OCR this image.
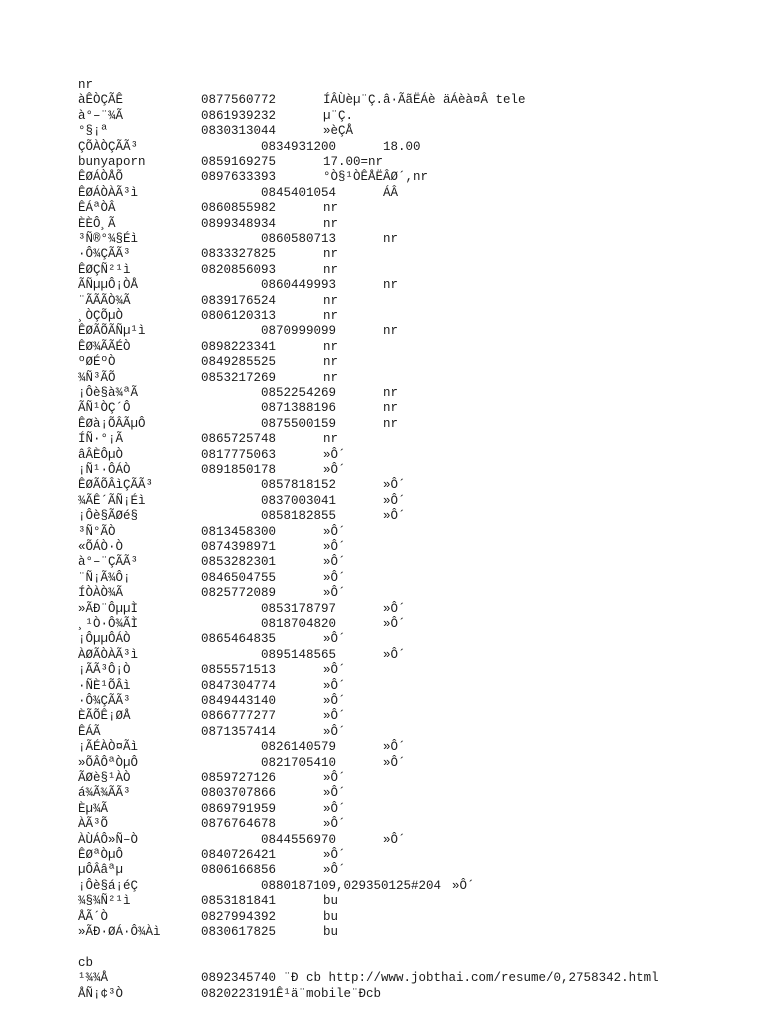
nr
àÊÒÇÃÊ	0877560772	ÍÂÙèµ¨Ç.â·ÃãËÁè äÁèà¤Â tele
à°–¨¾Ã	0861939232	µ¨Ç.
°§¡ª	0830313044	»èÇÅ
ÇÕÀÒÇÃÃ³	0834931200	18.00
bunyaporn	0859169275	17.00=nr
ÊØÁÒÅÕ	0897633393	°Ò§¹ÒÊÅËÂØ´,nr
ÊØÁÒÀÃ³ì	0845401054	ÁÂ
ÊÁªÒÂ	0860855982	nr
ÈÈÔ¸Ã	0899348934	nr
³Ñ®°¾§Éì	0860580713	nr
·Ô¾ÇÃÃ³	0833327825	nr
ÊØÇÑ²¹ì	0820856093	nr
ÃÑµµÔ¡ÒÅ	0860449993	nr
¨ÃÃÃÒ¾Ã	0839176524	nr
¸ÒÇÕµÒ	0806120313	nr
ÊØÃÕÃÑµ¹ì	0870999099	nr
ÊØ¾ÃÃÉÒ	0898223341	nr
ºØÉºÒ	0849285525	nr
¾Ñ³ÃÕ	0853217269	nr
¡Ôè§à¾ªÃ	0852254269	nr
ÃÑ¹ÒÇ´Ô	0871388196	nr
ÊØà¡ÕÂÃµÔ	0875500159	nr
ÍÑ·°¡Ã	0865725748	nr
âÂÈÔµÒ	0817775063	»Ô´
¡Ñ¹·ÔÁÒ	0891850178	»Ô´
ÊØÃÕÂìÇÃÃ³	0857818152	»Ô´
¾ÃÊ´ÃÑ¡Éì	0837003041	»Ô´
¡Ôè§ÃØé§	0858182855	»Ô´
³Ñ°ÃÒ	0813458300	»Ô´
«ÕÁÒ·Ò	0874398971	»Ô´
à°–¨ÇÃÃ³	0853282301	»Ô´
¨Ñ¡Ã¾Ô¡	0846504755	»Ô´
ÍÒÀÒ¾Ã	0825772089	»Ô´
»ÃÐ¨ÔµµÌ	0853178797	»Ô´
¸¹Ò·Ô¾ÃÌ	0818704820	»Ô´
¡ÔµµÔÁÒ	0865464835	»Ô´
ÀØÃÒÀÃ³ì	0895148565	»Ô´
¡ÃÃ³Ô¡Ò	0855571513	»Ô´
·ÑÈ¹ÕÂì	0847304774	»Ô´
·Ô¾ÇÃÃ³	0849443140	»Ô´
ÈÃÕÊ¡ØÅ	0866777277	»Ô´
ÊÁÃ	0871357414	»Ô´
¡ÃÉÀÒ¤Ãì	0826140579	»Ô´
»ÕÂÔªÒµÔ	0821705410	»Ô´
ÃØè§¹ÀÒ	0859727126	»Ô´
á¾Ã¾ÃÃ³	0803707866	»Ô´
Èµ¾Ã	0869791959	»Ô´
ÀÃ³Õ	0876764678	»Ô´
ÀÙÁÔ»Ñ–Ò	0844556970	»Ô´
ÊØªÒµÔ	0840726421	»Ô´
µÔÂâªµ	0806166856	»Ô´
¡Ôè§á¡éÇ	0880187109,029350125#204 »Ô´
¾§¾Ñ²¹ì	0853181841	bu
ÅÃ´Ò	0827994392	bu
»ÃÐ·ØÁ·Ô¾Àì	0830617825	bu
cb
¹¾¾Å	0892345740 ¨Ð cb http://www.jobthai.com/resume/0,2758342.html
ÅÑ¡¢³Ò	0820223191Ê¹ä¨mobile¨Ðcb
